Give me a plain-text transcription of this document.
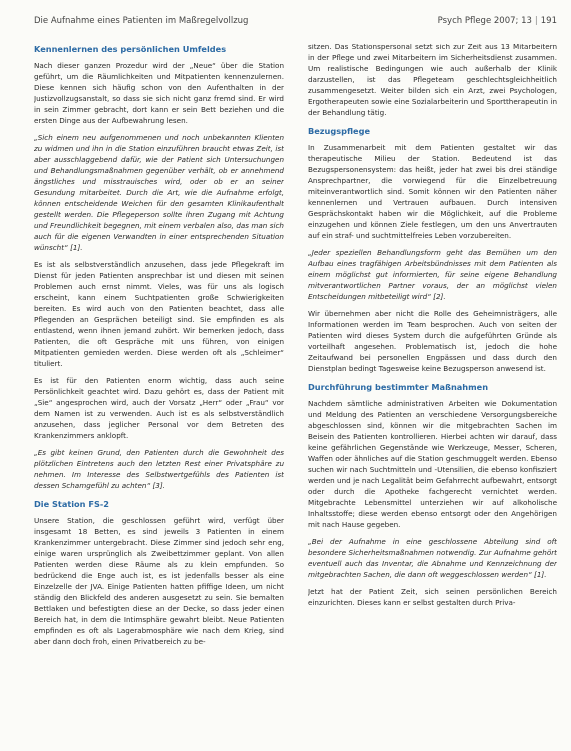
Die Aufnahme eines Patienten im Maßregelvollzug	Psych Pflege 2007; 13 | 191
Kennenlernen des persönlichen Umfeldes

Nach dieser ganzen Prozedur wird der „Neue“ über die Station geführt, um die Räumlichkeiten und Mitpatienten kennenzulernen. Diese kennen sich häufig schon von den Aufenthalten in der Justizvollzugsanstalt, so dass sie sich nicht ganz fremd sind. Er wird in sein Zimmer gebracht, dort kann er sein Bett beziehen und die ersten Dinge aus der Aufbewahrung lesen.

„Sich einem neu aufgenommenen und noch unbekannten Klienten zu widmen und ihn in die Station einzuführen braucht etwas Zeit, ist aber ausschlaggebend dafür, wie der Patient sich Untersuchungen und Behandlungsmaßnahmen gegenüber verhält, ob er annehmend ängstliches und misstrauisches wird, oder ob er an seiner Gesundung mitarbeitet. Durch die Art, wie die Aufnahme erfolgt, können entscheidende Weichen für den gesamten Klinikaufenthalt gestellt werden. Die Pflegeperson sollte ihren Zugang mit Achtung und Freundlichkeit begegnen, mit einem verbalen also, das man sich auch für die eigenen Verwandten in einer entsprechenden Situation wünscht“ [1].

Es ist als selbstverständlich anzusehen, dass jede Pflegekraft im Dienst für jeden Patienten ansprechbar ist und diesen mit seinen Problemen auch ernst nimmt. Vieles, was für uns als logisch erscheint, kann einem Suchtpatienten große Schwierigkeiten bereiten. Es wird auch von den Patienten beachtet, dass alle Pflegenden an Gesprächen beteiligt sind. Sie empfinden es als entlastend, wenn ihnen jemand zuhört. Wir bemerken jedoch, dass Patienten, die oft Gespräche mit uns führen, von einigen Mitpatienten gemieden werden. Diese werden oft als „Schleimer“ tituliert.

Es ist für den Patienten enorm wichtig, dass auch seine Persönlichkeit geachtet wird. Dazu gehört es, dass der Patient mit „Sie“ angesprochen wird, auch der Vorsatz „Herr“ oder „Frau“ vor dem Namen ist zu verwenden. Auch ist es als selbstverständlich anzusehen, dass jeglicher Personal vor dem Betreten des Krankenzimmers anklopft.

„Es gibt keinen Grund, den Patienten durch die Gewohnheit des plötzlichen Eintretens auch den letzten Rest einer Privatsphäre zu nehmen. Im Interesse des Selbstwertgefühls des Patienten ist dessen Schamgefühl zu achten“ [3].

Die Station FS-2

Unsere Station, die geschlossen geführt wird, verfügt über insgesamt 18 Betten, es sind jeweils 3 Patienten in einem Krankenzimmer untergebracht. Diese Zimmer sind jedoch sehr eng, einige waren ursprünglich als Zweibettzimmer geplant. Von allen Patienten werden diese Räume als zu klein empfunden. So bedrückend die Enge auch ist, es ist jedenfalls besser als eine Einzelzelle der JVA. Einige Patienten hatten pfiffige Ideen, um nicht ständig den Blickfeld des anderen ausgesetzt zu sein. Sie bemalten Bettlaken und befestigten diese an der Decke, so dass jeder einen Bereich hat, in dem die Intimsphäre gewahrt bleibt. Neue Patienten empfinden es oft als Lagerabmosphäre wie nach dem Krieg, sind aber dann doch froh, einen Privatbereich zu be-

sitzen. Das Stationspersonal setzt sich zur Zeit aus 13 Mitarbeitern in der Pflege und zwei Mitarbeitern im Sicherheitsdienst zusammen. Um realistische Bedingungen wie auch außerhalb der Klinik darzustellen, ist das Pflegeteam geschlechtsgleichheitlich zusammengesetzt. Weiter bilden sich ein Arzt, zwei Psychologen, Ergotherapeuten sowie eine Sozialarbeiterin und Sporttherapeutin in der Behandlung tätig.

Bezugspflege

In Zusammenarbeit mit dem Patienten gestaltet wir das therapeutische Milieu der Station. Bedeutend ist das Bezugspersonensystem: das heißt, jeder hat zwei bis drei ständige Ansprechpartner, die vorwiegend für die Einzelbetreuung miteinverantwortlich sind. Somit können wir den Patienten näher kennenlernen und Vertrauen aufbauen. Durch intensiven Gesprächskontakt haben wir die Möglichkeit, auf die Probleme einzugehen und können Ziele festlegen, um den uns Anvertrauten auf ein straf- und suchtmittelfreies Leben vorzubereiten.

„Jeder speziellen Behandlungsform geht das Bemühen um den Aufbau eines tragfähigen Arbeitsbündnisses mit dem Patienten als einem möglichst gut informierten, für seine eigene Behandlung mitverantwortlichen Partner voraus, der an möglichst vielen Entscheidungen mitbeteiligt wird“ [2].

Wir übernehmen aber nicht die Rolle des Geheimnisträgers, alle Informationen werden im Team besprochen. Auch von seiten der Patienten wird dieses System durch die aufgeführten Gründe als vorteilhaft angesehen. Problematisch ist, jedoch die hohe Zeitaufwand bei personellen Engpässen und dass durch den Dienstplan bedingt Tagesweise keine Bezugsperson anwesend ist.

Durchführung bestimmter Maßnahmen

Nachdem sämtliche administrativen Arbeiten wie Dokumentation und Meldung des Patienten an verschiedene Versorgungsbereiche abgeschlossen sind, können wir die mitgebrachten Sachen im Beisein des Patienten kontrollieren. Hierbei achten wir darauf, dass keine gefährlichen Gegenstände wie Werkzeuge, Messer, Scheren, Waffen oder ähnliches auf die Station geschmuggelt werden. Ebenso suchen wir nach Suchtmitteln und -Utensilien, die ebenso konfisziert werden und je nach Legalität beim Gefahrrecht aufbewahrt, entsorgt oder durch die Apotheke fachgerecht vernichtet werden. Mitgebrachte Lebensmittel unterziehen wir auf alkoholische Inhaltsstoffe; diese werden ebenso entsorgt oder den Angehörigen mit nach Hause gegeben.

„Bei der Aufnahme in eine geschlossene Abteilung sind oft besondere Sicherheitsmaßnahmen notwendig. Zur Aufnahme gehört eventuell auch das Inventar, die Abnahme und Kennzeichnung der mitgebrachten Sachen, die dann oft weggeschlossen werden“ [1].

Jetzt hat der Patient Zeit, sich seinen persönlichen Bereich einzurichten. Dieses kann er selbst gestalten durch Priva-
